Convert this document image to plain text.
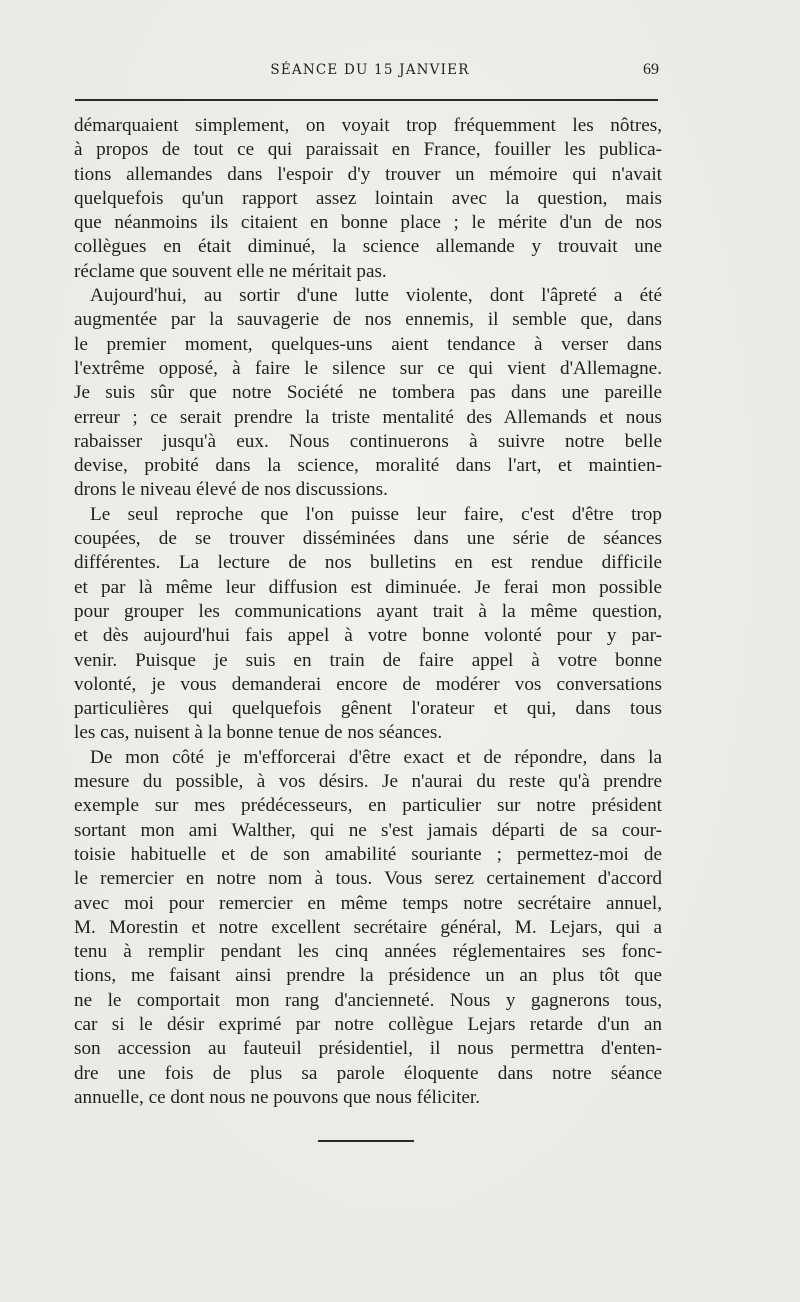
SÉANCE DU 15 JANVIER	69
démarquaient simplement, on voyait trop fréquemment les nôtres,
à propos de tout ce qui paraissait en France, fouiller les publica-
tions allemandes dans l'espoir d'y trouver un mémoire qui n'avait
quelquefois qu'un rapport assez lointain avec la question, mais
que néanmoins ils citaient en bonne place ; le mérite d'un de nos
collègues en était diminué, la science allemande y trouvait une
réclame que souvent elle ne méritait pas.
Aujourd'hui, au sortir d'une lutte violente, dont l'âpreté a été
augmentée par la sauvagerie de nos ennemis, il semble que, dans
le premier moment, quelques-uns aient tendance à verser dans
l'extrême opposé, à faire le silence sur ce qui vient d'Allemagne.
Je suis sûr que notre Société ne tombera pas dans une pareille
erreur ; ce serait prendre la triste mentalité des Allemands et nous
rabaisser jusqu'à eux. Nous continuerons à suivre notre belle
devise, probité dans la science, moralité dans l'art, et maintien-
drons le niveau élevé de nos discussions.
Le seul reproche que l'on puisse leur faire, c'est d'être trop
coupées, de se trouver disséminées dans une série de séances
différentes. La lecture de nos bulletins en est rendue difficile
et par là même leur diffusion est diminuée. Je ferai mon possible
pour grouper les communications ayant trait à la même question,
et dès aujourd'hui fais appel à votre bonne volonté pour y par-
venir. Puisque je suis en train de faire appel à votre bonne
volonté, je vous demanderai encore de modérer vos conversations
particulières qui quelquefois gênent l'orateur et qui, dans tous
les cas, nuisent à la bonne tenue de nos séances.
De mon côté je m'efforcerai d'être exact et de répondre, dans la
mesure du possible, à vos désirs. Je n'aurai du reste qu'à prendre
exemple sur mes prédécesseurs, en particulier sur notre président
sortant mon ami Walther, qui ne s'est jamais départi de sa cour-
toisie habituelle et de son amabilité souriante ; permettez-moi de
le remercier en notre nom à tous. Vous serez certainement d'accord
avec moi pour remercier en même temps notre secrétaire annuel,
M. Morestin et notre excellent secrétaire général, M. Lejars, qui a
tenu à remplir pendant les cinq années réglementaires ses fonc-
tions, me faisant ainsi prendre la présidence un an plus tôt que
ne le comportait mon rang d'ancienneté. Nous y gagnerons tous,
car si le désir exprimé par notre collègue Lejars retarde d'un an
son accession au fauteuil présidentiel, il nous permettra d'enten-
dre une fois de plus sa parole éloquente dans notre séance
annuelle, ce dont nous ne pouvons que nous féliciter.
